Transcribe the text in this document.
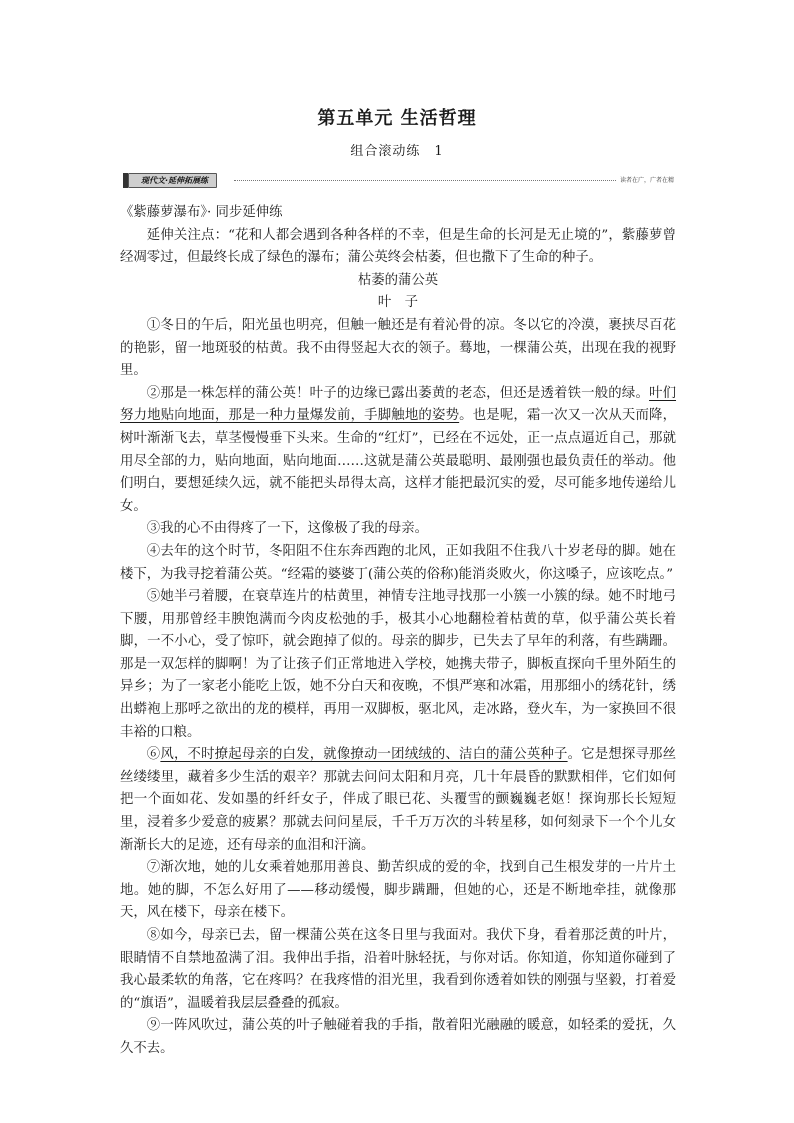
第五单元 生活哲理
组合滚动练　1
现代文·延伸拓展练	读者在广，广者在精

《紫藤萝瀑布》· 同步延伸练

延伸关注点：“花和人都会遇到各种各样的不幸，但是生命的长河是无止境的”，紫藤萝曾经凋零过，但最终长成了绿色的瀑布；蒲公英终会枯萎，但也撒下了生命的种子。

枯萎的蒲公英

叶　子

①冬日的午后，阳光虽也明亮，但触一触还是有着沁骨的凉。冬以它的冷漠，裹挟尽百花的艳影，留一地斑驳的枯黄。我不由得竖起大衣的领子。蓦地，一棵蒲公英，出现在我的视野里。

②那是一株怎样的蒲公英！叶子的边缘已露出萎黄的老态，但还是透着铁一般的绿。叶们努力地贴向地面，那是一种力量爆发前，手脚触地的姿势。也是呢，霜一次又一次从天而降，树叶渐渐飞去，草茎慢慢垂下头来。生命的“红灯”，已经在不远处，正一点点逼近自己，那就用尽全部的力，贴向地面，贴向地面……这就是蒲公英最聪明、最刚强也最负责任的举动。他们明白，要想延续久远，就不能把头昂得太高，这样才能把最沉实的爱，尽可能多地传递给儿女。

③我的心不由得疼了一下，这像极了我的母亲。

④去年的这个时节，冬阳阻不住东奔西跑的北风，正如我阻不住我八十岁老母的脚。她在楼下，为我寻挖着蒲公英。“经霜的婆婆丁(蒲公英的俗称)能消炎败火，你这嗓子，应该吃点。”

⑤她半弓着腰，在衰草连片的枯黄里，神情专注地寻找那一小簇一小簇的绿。她不时地弓下腰，用那曾经丰腴饱满而今肉皮松弛的手，极其小心地翻检着枯黄的草，似乎蒲公英长着脚，一不小心，受了惊吓，就会跑掉了似的。母亲的脚步，已失去了早年的利落，有些蹒跚。那是一双怎样的脚啊！为了让孩子们正常地进入学校，她携夫带子，脚板直探向千里外陌生的异乡；为了一家老小能吃上饭，她不分白天和夜晚，不惧严寒和冰霜，用那细小的绣花针，绣出蟒袍上那呼之欲出的龙的模样，再用一双脚板，驱北风，走冰路，登火车，为一家换回不很丰裕的口粮。

⑥风，不时撩起母亲的白发，就像撩动一团绒绒的、洁白的蒲公英种子。它是想探寻那丝丝缕缕里，藏着多少生活的艰辛？那就去问问太阳和月亮，几十年晨昏的默默相伴，它们如何把一个面如花、发如墨的纤纤女子，伴成了眼已花、头覆雪的颤巍巍老妪！探询那长长短短里，浸着多少爱意的疲累？那就去问问星辰，千千万万次的斗转星移，如何刻录下一个个儿女渐渐长大的足迹，还有母亲的血泪和汗滴。

⑦渐次地，她的儿女乘着她那用善良、勤苦织成的爱的伞，找到自己生根发芽的一片片土地。她的脚，不怎么好用了——移动缓慢，脚步蹒跚，但她的心，还是不断地牵挂，就像那天，风在楼下，母亲在楼下。

⑧如今，母亲已去，留一棵蒲公英在这冬日里与我面对。我伏下身，看着那泛黄的叶片，眼睛情不自禁地盈满了泪。我伸出手指，沿着叶脉轻抚，与你对话。你知道，你知道你碰到了我心最柔软的角落，它在疼吗？在我疼惜的泪光里，我看到你透着如铁的刚强与坚毅，打着爱的“旗语”，温暖着我层层叠叠的孤寂。

⑨一阵风吹过，蒲公英的叶子触碰着我的手指，散着阳光融融的暖意，如轻柔的爱抚，久久不去。
